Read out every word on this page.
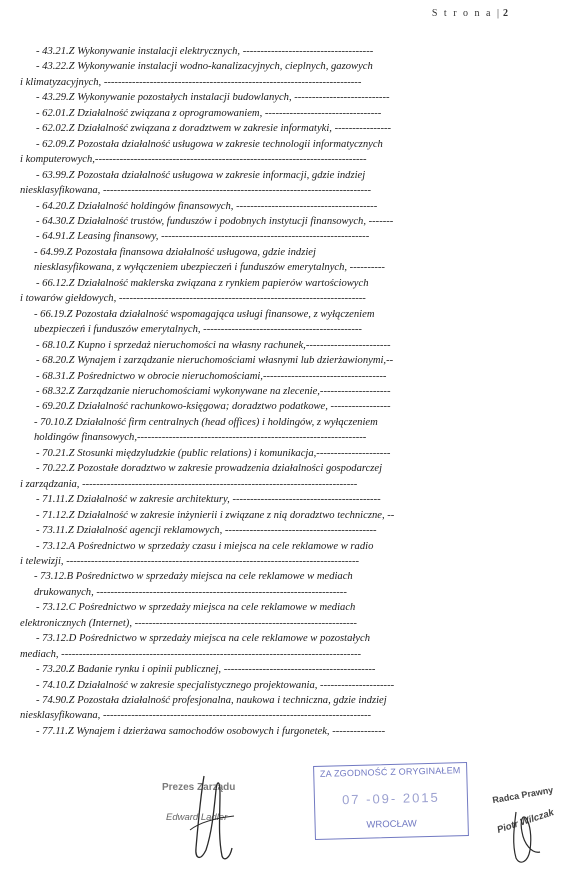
S t r o n a | 2
- 43.21.Z Wykonywanie instalacji elektrycznych, -------------------------------------
- 43.22.Z Wykonywanie instalacji wodno-kanalizacyjnych, cieplnych, gazowych
i klimatyzacyjnych, -------------------------------------------------------------------------
- 43.29.Z Wykonywanie pozostałych instalacji budowlanych, ---------------------------
- 62.01.Z Działalność związana z oprogramowaniem, ---------------------------------
- 62.02.Z Działalność związana z doradztwem w zakresie informatyki, ----------------
- 62.09.Z Pozostała działalność usługowa w zakresie technologii informatycznych
i komputerowych,-----------------------------------------------------------------------------
- 63.99.Z Pozostała działalność usługowa w zakresie informacji, gdzie indziej
niesklasyfikowana, ----------------------------------------------------------------------------
- 64.20.Z Działalność holdingów finansowych, ----------------------------------------
- 64.30.Z Działalność trustów, funduszów i podobnych instytucji finansowych, -------
- 64.91.Z Leasing finansowy, -----------------------------------------------------------
- 64.99.Z Pozostała finansowa działalność usługowa, gdzie indziej
niesklasyfikowana, z wyłączeniem ubezpieczeń i funduszów emerytalnych, ----------
- 66.12.Z Działalność maklerska związana z rynkiem papierów wartościowych
i towarów giełdowych, ----------------------------------------------------------------------
- 66.19.Z Pozostała działalność wspomagająca usługi finansowe, z wyłączeniem
ubezpieczeń i funduszów emerytalnych, ---------------------------------------------
- 68.10.Z Kupno i sprzedaż nieruchomości na własny rachunek,------------------------
- 68.20.Z Wynajem i zarządzanie nieruchomościami własnymi lub dzierżawionymi,--
- 68.31.Z Pośrednictwo w obrocie nieruchomościami,-----------------------------------
- 68.32.Z Zarządzanie nieruchomościami wykonywane na zlecenie,--------------------
- 69.20.Z Działalność rachunkowo-księgowa; doradztwo podatkowe, -----------------
- 70.10.Z Działalność firm centralnych (head offices) i holdingów, z wyłączeniem
holdingów finansowych,-----------------------------------------------------------------
- 70.21.Z Stosunki międzyludzkie (public relations) i komunikacja,---------------------
- 70.22.Z Pozostałe doradztwo w zakresie prowadzenia działalności gospodarczej
i zarządzania, ------------------------------------------------------------------------------
- 71.11.Z Działalność w zakresie architektury, ------------------------------------------
- 71.12.Z Działalność w zakresie inżynierii i związane z nią doradztwo techniczne, --
- 73.11.Z Działalność agencji reklamowych, -------------------------------------------
- 73.12.A Pośrednictwo w sprzedaży czasu i miejsca na cele reklamowe w radio
i telewizji, -----------------------------------------------------------------------------------
- 73.12.B Pośrednictwo w sprzedaży miejsca na cele reklamowe w mediach
drukowanych, -----------------------------------------------------------------------
- 73.12.C Pośrednictwo w sprzedaży miejsca na cele reklamowe w mediach
elektronicznych (Internet), ---------------------------------------------------------------
- 73.12.D Pośrednictwo w sprzedaży miejsca na cele reklamowe w pozostałych
mediach, -------------------------------------------------------------------------------------
- 73.20.Z Badanie rynku i opinii publicznej, -------------------------------------------
- 74.10.Z Działalność w zakresie specjalistycznego projektowania, ---------------------
- 74.90.Z Pozostała działalność profesjonalna, naukowa i techniczna, gdzie indziej
niesklasyfikowana, ----------------------------------------------------------------------------
- 77.11.Z Wynajem i dzierżawa samochodów osobowych i furgonetek, ---------------
Prezes Zarządu
Edward Ladler
ZA ZGODNOŚĆ Z ORYGINAŁEM
07 -09- 2015
WROCŁAW
Radca Prawny
Piotr Wilczak
